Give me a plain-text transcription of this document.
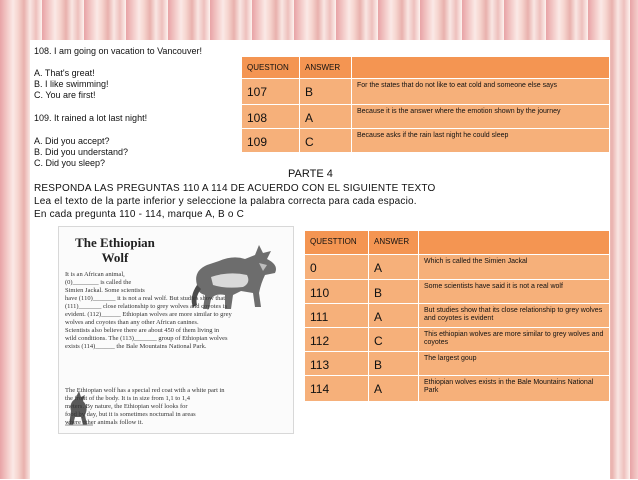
108. I am going on vacation to Vancouver!
A. That's great!
B. I like swimming!
C. You are first!
109. It rained a lot last night!
A. Did you accept?
B. Did you understand?
C. Did you sleep?
QUESTION	ANSWER	
107	B	For the states that do not like to eat cold and someone else says
108	A	Because it is the answer where the emotion shown by the journey
109	C	Because asks if the rain last night he could sleep
PARTE 4
RESPONDA LAS PREGUNTAS 110 A 114 DE ACUERDO CON EL SIGUIENTE TEXTO
Lea el texto de la parte inferior y seleccione la palabra correcta para cada espacio.
En cada pregunta 110 - 114, marque A, B o C
The Ethiopian Wolf
It is an African animal,
(0)________ is called the
Simien Jackal. Some scientists
have (110)_______ it is not a real wolf. But studies show that
(111)_______ close relationship to grey wolves and coyotes is
evident. (112)______ Ethiopian wolves are more similar to grey
wolves and coyotes than any other African canines.
Scientists also believe there are about 450 of them living in
wild conditions. The (113)_______ group of Ethiopian wolves
exists (114)______ the Bale Mountains National Park.
The Ethiopian wolf has a special red coat with a white part in
the front of the body. It is in size from 1,1 to 1,4
meters. By nature, the Ethiopian wolf looks for
food by day, but it is sometimes nocturnal in areas
where other animals follow it.
QUESTTION	ANSWER	
0	A	Which is called the Simien Jackal
110	B	Some scientists have said it is not a real wolf
111	A	But studies show that its close relationship to grey wolves and coyotes is evident
112	C	This ethiopian wolves are more similar to grey wolves and coyotes
113	B	The largest goup
114	A	Ethiopian wolves exists in the Bale Mountains National Park
